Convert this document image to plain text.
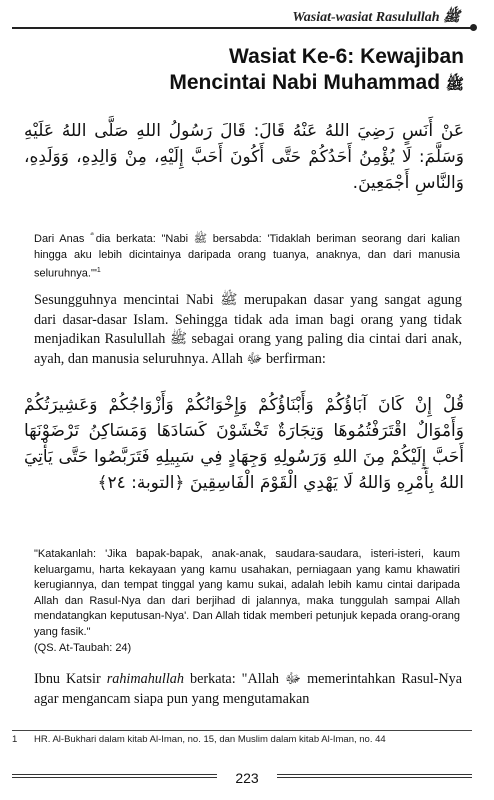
Wasiat-wasiat Rasulullah ﷺ
Wasiat Ke-6: Kewajiban
Mencintai Nabi Muhammad ﷺ
عَنْ أَنَسٍ رَضِيَ اللهُ عَنْهُ قَالَ: قَالَ رَسُولُ اللهِ صَلَّى اللهُ عَلَيْهِ وَسَلَّمَ: لَا يُؤْمِنُ أَحَدُكُمْ حَتَّى أَكُونَ أَحَبَّ إِلَيْهِ، مِنْ وَالِدِهِ، وَوَلَدِهِ، وَالنَّاسِ أَجْمَعِينَ.
Dari Anas ؓ dia berkata: "Nabi ﷺ bersabda: 'Tidaklah beriman seorang dari kalian hingga aku lebih dicintainya daripada orang tuanya, anaknya, dan dari manusia seluruhnya.'"$^1$
Sesungguhnya mencintai Nabi ﷺ merupakan dasar yang sangat agung dari dasar-dasar Islam. Sehingga tidak ada iman bagi orang yang tidak menjadikan Rasulullah ﷺ sebagai orang yang paling dia cintai dari anak, ayah, dan manusia seluruhnya. Allah ﷻ berfirman:
قُلْ إِنْ كَانَ آبَاؤُكُمْ وَأَبْنَاؤُكُمْ وَإِخْوَانُكُمْ وَأَزْوَاجُكُمْ وَعَشِيرَتُكُمْ وَأَمْوَالٌ اقْتَرَفْتُمُوهَا وَتِجَارَةٌ تَخْشَوْنَ كَسَادَهَا وَمَسَاكِنُ تَرْضَوْنَهَا أَحَبَّ إِلَيْكُمْ مِنَ اللهِ وَرَسُولِهِ وَجِهَادٍ فِي سَبِيلِهِ فَتَرَبَّصُوا حَتَّى يَأْتِيَ اللهُ بِأَمْرِهِ وَاللهُ لَا يَهْدِي الْقَوْمَ الْفَاسِقِينَ ﴿التوبة: ٢٤﴾
"Katakanlah: 'Jika bapak-bapak, anak-anak, saudara-saudara, isteri-isteri, kaum keluargamu, harta kekayaan yang kamu usahakan, perniagaan yang kamu khawatiri kerugiannya, dan tempat tinggal yang kamu sukai, adalah lebih kamu cintai daripada Allah dan Rasul-Nya dan dari berjihad di jalannya, maka tunggulah sampai Allah mendatangkan keputusan-Nya'. Dan Allah tidak memberi petunjuk kepada orang-orang yang fasik."
(QS. At-Taubah: 24)
Ibnu Katsir rahimahullah berkata: "Allah ﷻ memerintahkan Rasul-Nya agar mengancam siapa pun yang mengutamakan
1 HR. Al-Bukhari dalam kitab Al-Iman, no. 15, dan Muslim dalam kitab Al-Iman, no. 44
223
